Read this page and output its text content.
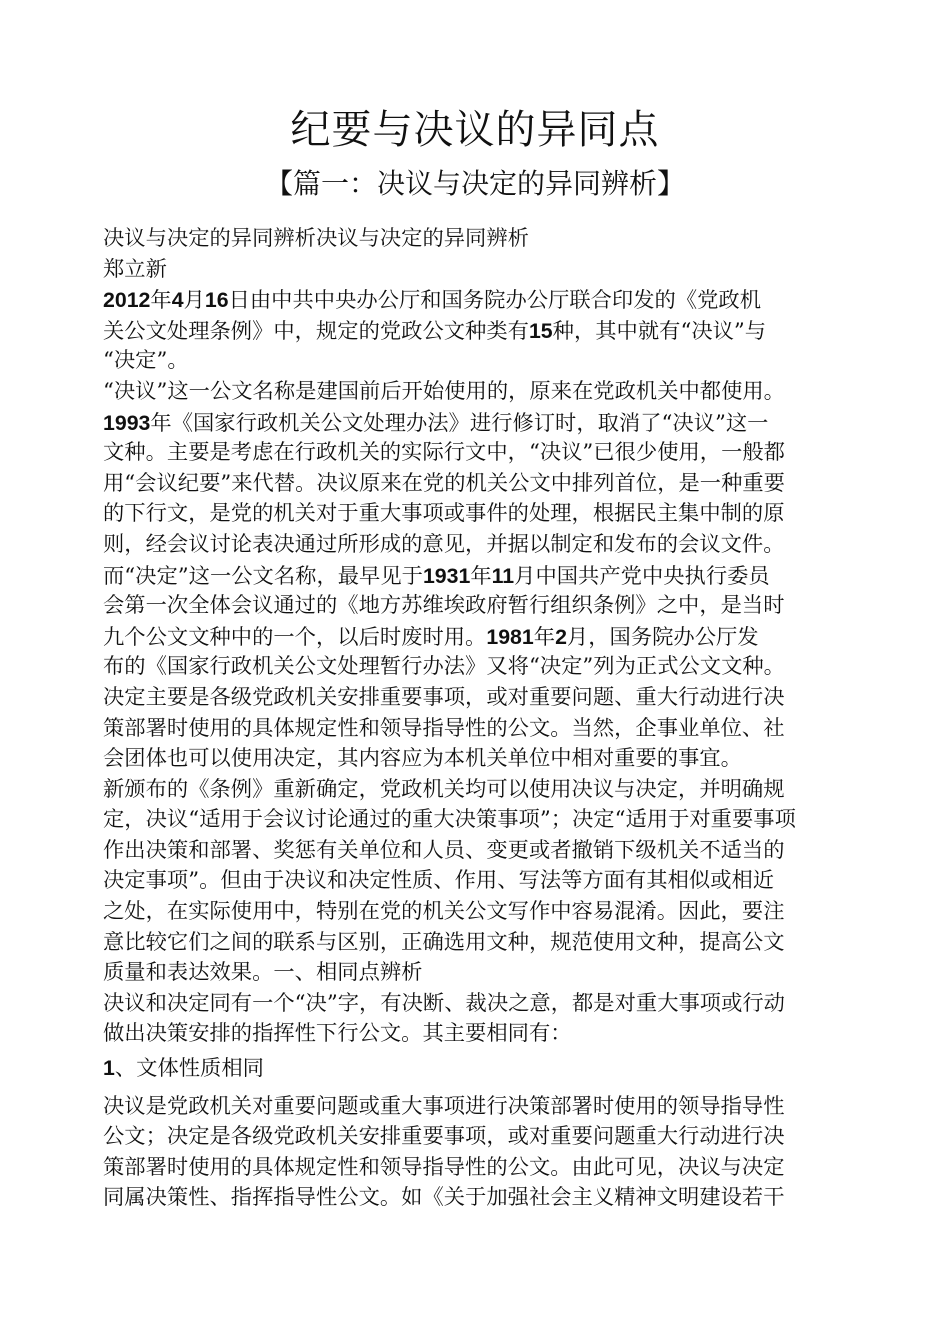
纪要与决议的异同点
【篇一：决议与决定的异同辨析】
决议与决定的异同辨析决议与决定的异同辨析
郑立新
2012年4月16日由中共中央办公厅和国务院办公厅联合印发的《党政机
关公文处理条例》中，规定的党政公文种类有15种，其中就有“决议”与
“决定”。
“决议”这一公文名称是建国前后开始使用的，原来在党政机关中都使用。
1993年《国家行政机关公文处理办法》进行修订时，取消了“决议”这一
文种。主要是考虑在行政机关的实际行文中，“决议”已很少使用，一般都
用“会议纪要”来代替。决议原来在党的机关公文中排列首位，是一种重要
的下行文，是党的机关对于重大事项或事件的处理，根据民主集中制的原
则，经会议讨论表决通过所形成的意见，并据以制定和发布的会议文件。
而“决定”这一公文名称，最早见于1931年11月中国共产党中央执行委员
会第一次全体会议通过的《地方苏维埃政府暂行组织条例》之中，是当时
九个公文文种中的一个，以后时废时用。1981年2月，国务院办公厅发
布的《国家行政机关公文处理暂行办法》又将“决定”列为正式公文文种。
决定主要是各级党政机关安排重要事项，或对重要问题、重大行动进行决
策部署时使用的具体规定性和领导指导性的公文。当然，企事业单位、社
会团体也可以使用决定，其内容应为本机关单位中相对重要的事宜。
新颁布的《条例》重新确定，党政机关均可以使用决议与决定，并明确规
定，决议“适用于会议讨论通过的重大决策事项”；决定“适用于对重要事项
作出决策和部署、奖惩有关单位和人员、变更或者撤销下级机关不适当的
决定事项”。但由于决议和决定性质、作用、写法等方面有其相似或相近
之处，在实际使用中，特别在党的机关公文写作中容易混淆。因此，要注
意比较它们之间的联系与区别，正确选用文种，规范使用文种，提高公文
质量和表达效果。一、相同点辨析
决议和决定同有一个“决”字，有决断、裁决之意，都是对重大事项或行动
做出决策安排的指挥性下行公文。其主要相同有：
1、文体性质相同
决议是党政机关对重要问题或重大事项进行决策部署时使用的领导指导性
公文；决定是各级党政机关安排重要事项，或对重要问题重大行动进行决
策部署时使用的具体规定性和领导指导性的公文。由此可见，决议与决定
同属决策性、指挥指导性公文。如《关于加强社会主义精神文明建设若干
